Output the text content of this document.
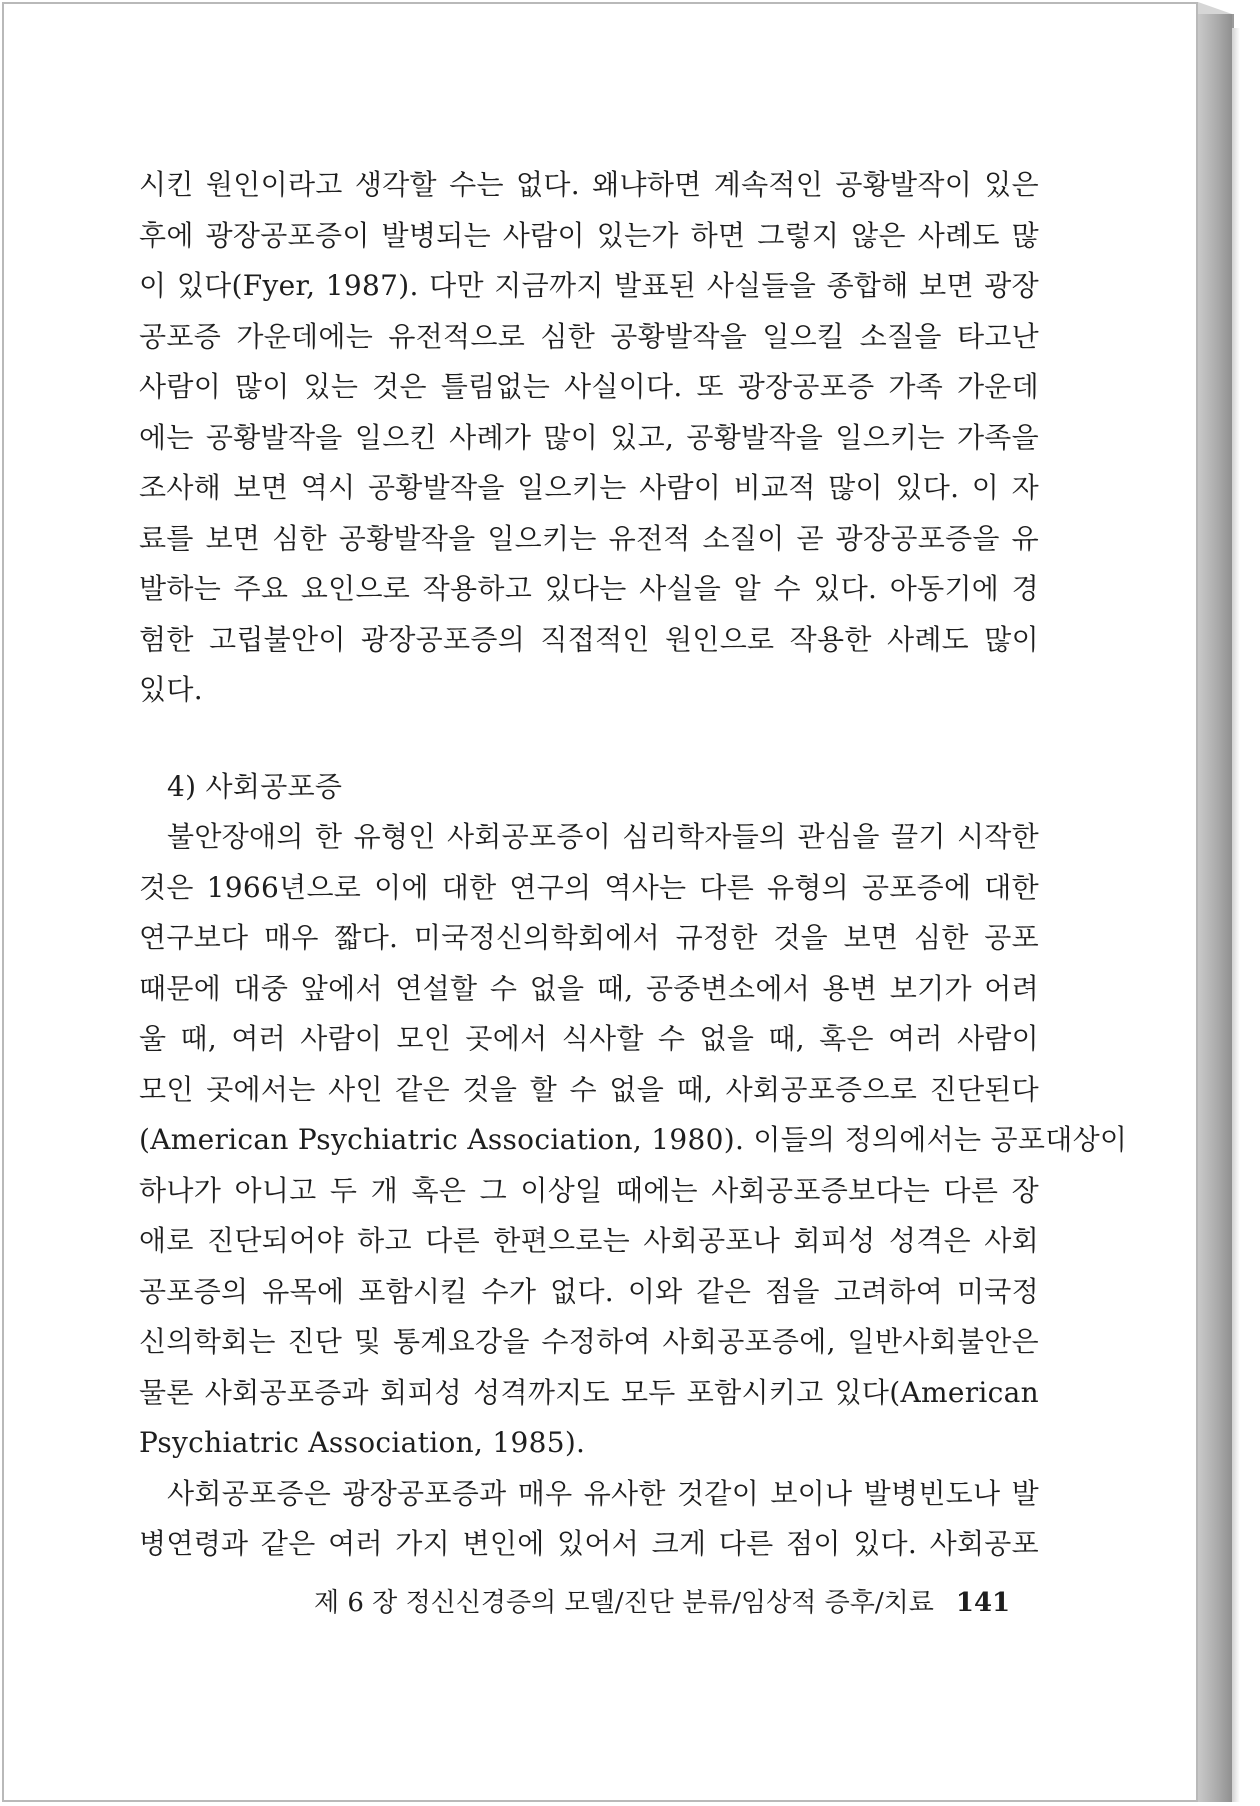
시킨 원인이라고 생각할 수는 없다. 왜냐하면 계속적인 공황발작이 있은
후에 광장공포증이 발병되는 사람이 있는가 하면 그렇지 않은 사례도 많
이 있다(Fyer, 1987). 다만 지금까지 발표된 사실들을 종합해 보면 광장
공포증 가운데에는 유전적으로 심한 공황발작을 일으킬 소질을 타고난
사람이 많이 있는 것은 틀림없는 사실이다. 또 광장공포증 가족 가운데
에는 공황발작을 일으킨 사례가 많이 있고, 공황발작을 일으키는 가족을
조사해 보면 역시 공황발작을 일으키는 사람이 비교적 많이 있다. 이 자
료를 보면 심한 공황발작을 일으키는 유전적 소질이 곧 광장공포증을 유
발하는 주요 요인으로 작용하고 있다는 사실을 알 수 있다. 아동기에 경
험한 고립불안이 광장공포증의 직접적인 원인으로 작용한 사례도 많이
있다.
4) 사회공포증
불안장애의 한 유형인 사회공포증이 심리학자들의 관심을 끌기 시작한
것은 1966년으로 이에 대한 연구의 역사는 다른 유형의 공포증에 대한
연구보다 매우 짧다. 미국정신의학회에서 규정한 것을 보면 심한 공포
때문에 대중 앞에서 연설할 수 없을 때, 공중변소에서 용변 보기가 어려
울 때, 여러 사람이 모인 곳에서 식사할 수 없을 때, 혹은 여러 사람이
모인 곳에서는 사인 같은 것을 할 수 없을 때, 사회공포증으로 진단된다
(American Psychiatric Association, 1980). 이들의 정의에서는 공포대상이
하나가 아니고 두 개 혹은 그 이상일 때에는 사회공포증보다는 다른 장
애로 진단되어야 하고 다른 한편으로는 사회공포나 회피성 성격은 사회
공포증의 유목에 포함시킬 수가 없다. 이와 같은 점을 고려하여 미국정
신의학회는 진단 및 통계요강을 수정하여 사회공포증에, 일반사회불안은
물론 사회공포증과 회피성 성격까지도 모두 포함시키고 있다(American
Psychiatric Association, 1985).
사회공포증은 광장공포증과 매우 유사한 것같이 보이나 발병빈도나 발
병연령과 같은 여러 가지 변인에 있어서 크게 다른 점이 있다. 사회공포
제 6 장 정신신경증의 모델/진단 분류/임상적 증후/치료 141
